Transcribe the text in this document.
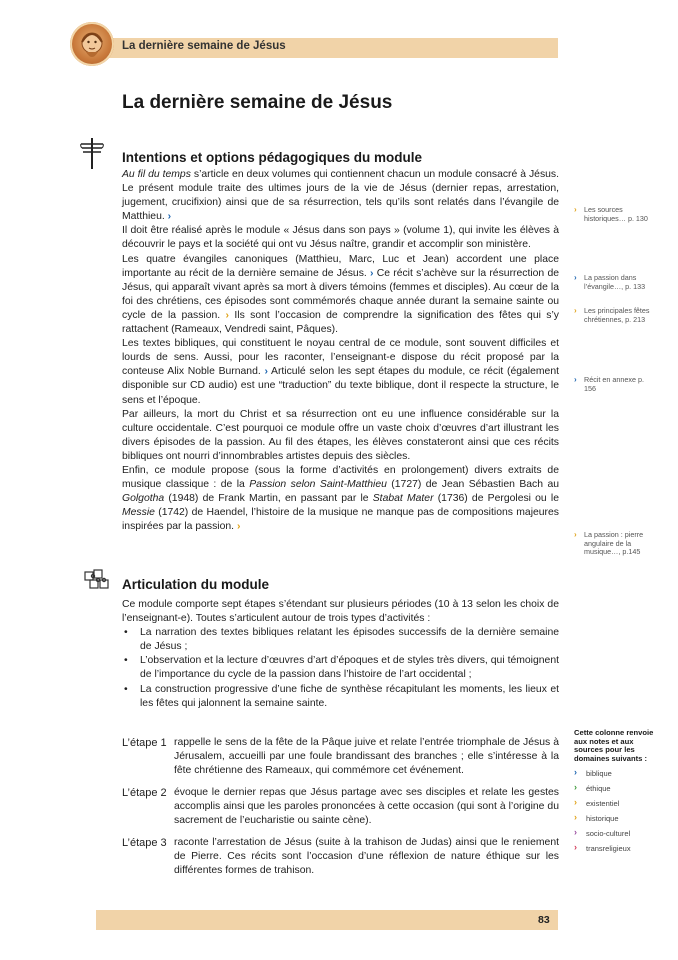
La dernière semaine de Jésus
La dernière semaine de Jésus
Intentions et options pédagogiques du module

Au fil du temps s’article en deux volumes qui contiennent chacun un module consacré à Jésus. Le présent module traite des ultimes jours de la vie de Jésus (dernier repas, arrestation, jugement, crucifixion) ainsi que de sa résurrection, tels qu’ils sont relatés dans l’évangile de Matthieu. ›

Il doit être réalisé après le module « Jésus dans son pays » (volume 1), qui invite les élèves à découvrir le pays et la société qui ont vu Jésus naître, grandir et accomplir son ministère.

Les quatre évangiles canoniques (Matthieu, Marc, Luc et Jean) accordent une place importante au récit de la dernière semaine de Jésus. › Ce récit s’achève sur la résurrection de Jésus, qui apparaît vivant après sa mort à divers témoins (femmes et disciples). Au cœur de la foi des chrétiens, ces épisodes sont commémorés chaque année durant la semaine sainte ou cycle de la passion. › Ils sont l’occasion de comprendre la signification des fêtes qui s’y rattachent (Rameaux, Vendredi saint, Pâques).

Les textes bibliques, qui constituent le noyau central de ce module, sont souvent difficiles et lourds de sens. Aussi, pour les raconter, l’enseignant-e dispose du récit proposé par la conteuse Alix Noble Burnand. › Articulé selon les sept étapes du module, ce récit (également disponible sur CD audio) est une “traduction” du texte biblique, dont il respecte la structure, le sens et l’époque.

Par ailleurs, la mort du Christ et sa résurrection ont eu une influence considérable sur la culture occidentale. C’est pourquoi ce module offre un vaste choix d’œuvres d’art illustrant les divers épisodes de la passion. Au fil des étapes, les élèves constateront ainsi que ces récits bibliques ont nourri d’innombrables artistes depuis des siècles.

Enfin, ce module propose (sous la forme d’activités en prolongement) divers extraits de musique classique : de la Passion selon Saint-Matthieu (1727) de Jean Sébastien Bach au Golgotha (1948) de Frank Martin, en passant par le Stabat Mater (1736) de Pergolesi ou le Messie (1742) de Haendel, l’histoire de la musique ne manque pas de compositions majeures inspirées par la passion. ›

›	Les sources historiques… p. 130
›	La passion dans l’évangile…, p. 133
›	Les principales fêtes chrétiennes, p. 213
›	Récit en annexe p. 156
›	La passion : pierre angulaire de la musique…, p.145
Articulation du module

Ce module comporte sept étapes s’étendant sur plusieurs périodes (10 à 13 selon les choix de l’enseignant-e). Toutes s’articulent autour de trois types d’activités :

• La narration des textes bibliques relatant les épisodes successifs de la dernière semaine de Jésus ;
• L’observation et la lecture d’œuvres d’art d’époques et de styles très divers, qui témoignent de l’importance du cycle de la passion dans l’histoire de l’art occidental ;
• La construction progressive d’une fiche de synthèse récapitulant les moments, les lieux et les fêtes qui jalonnent la semaine sainte.
L’étape 1 rappelle le sens de la fête de la Pâque juive et relate l’entrée triomphale de Jésus à Jérusalem, accueilli par une foule brandissant des branches ; elle s’intéresse à la fête chrétienne des Rameaux, qui commémore cet événement.
L’étape 2 évoque le dernier repas que Jésus partage avec ses disciples et relate les gestes accomplis ainsi que les paroles prononcées à cette occasion (qui sont à l’origine du sacrement de l’eucharistie ou sainte cène).
L’étape 3 raconte l’arrestation de Jésus (suite à la trahison de Judas) ainsi que le reniement de Pierre. Ces récits sont l’occasion d’une réflexion de nature éthique sur les différentes formes de trahison.
Cette colonne renvoie aux notes et aux sources pour les domaines suivants :
› biblique
› éthique
› existentiel
› historique
› socio-culturel
› transreligieux
83
